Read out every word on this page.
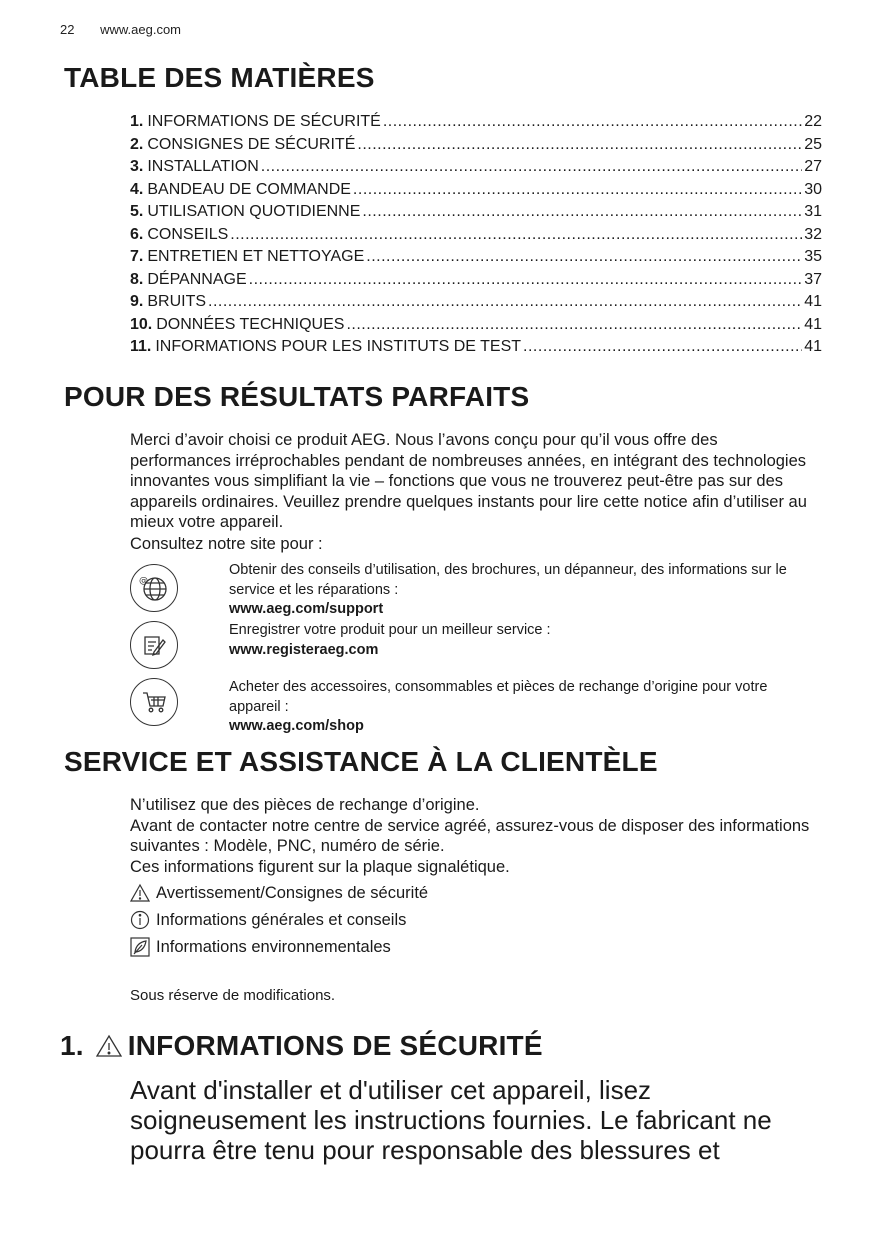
22 www.aeg.com
TABLE DES MATIÈRES
1. INFORMATIONS DE SÉCURITÉ .....	22
2. CONSIGNES DE SÉCURITÉ .....	25
3. INSTALLATION .....	27
4. BANDEAU DE COMMANDE .....	30
5. UTILISATION QUOTIDIENNE .....	31
6. CONSEILS .....	32
7. ENTRETIEN ET NETTOYAGE .....	35
8. DÉPANNAGE .....	37
9. BRUITS .....	41
10. DONNÉES TECHNIQUES .....	41
11. INFORMATIONS POUR LES INSTITUTS DE TEST .....	41
POUR DES RÉSULTATS PARFAITS

Merci d’avoir choisi ce produit AEG. Nous l’avons conçu pour qu’il vous offre des performances irréprochables pendant de nombreuses années, en intégrant des technologies innovantes vous simplifiant la vie – fonctions que vous ne trouverez peut-être pas sur des appareils ordinaires. Veuillez prendre quelques instants pour lire cette notice afin d’utiliser au mieux votre appareil.

Consultez notre site pour :

@
Obtenir des conseils d’utilisation, des brochures, un dépanneur, des informations sur le service et les réparations :
www.aeg.com/support
Enregistrer votre produit pour un meilleur service :
www.registeraeg.com
Acheter des accessoires, consommables et pièces de rechange d’origine pour votre appareil :
www.aeg.com/shop
SERVICE ET ASSISTANCE À LA CLIENTÈLE

N’utilisez que des pièces de rechange d’origine.
Avant de contacter notre centre de service agréé, assurez-vous de disposer des informations suivantes : Modèle, PNC, numéro de série.
Ces informations figurent sur la plaque signalétique.

Avertissement/Consignes de sécurité
Informations générales et conseils
Informations environnementales

Sous réserve de modifications.

1. INFORMATIONS DE SÉCURITÉ

Avant d'installer et d'utiliser cet appareil, lisez soigneusement les instructions fournies. Le fabricant ne pourra être tenu pour responsable des blessures et
